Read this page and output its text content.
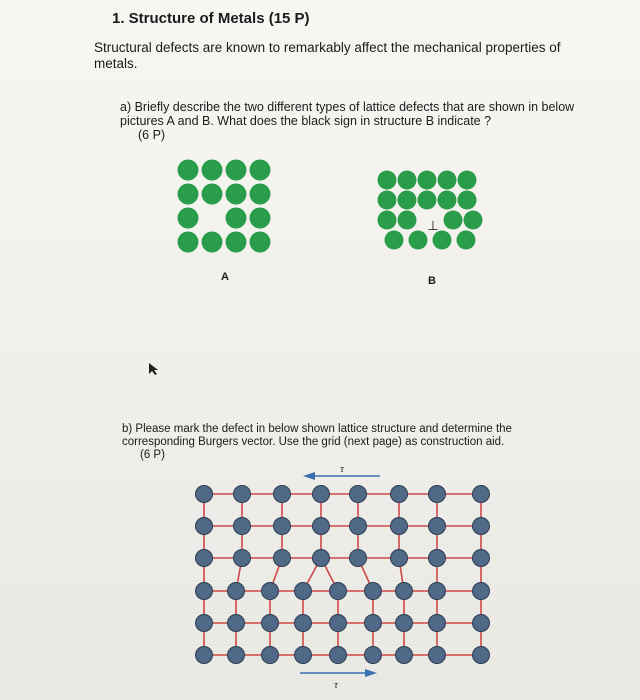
1. Structure of Metals (15 P)
Structural defects are known to remarkably affect the mechanical properties of metals.
a) Briefly describe the two different types of lattice defects that are shown in below pictures A and B. What does the black sign in structure B indicate ?
(6 P)
A
⊥
B
b) Please mark the defect in below shown lattice structure and determine the corresponding Burgers vector. Use the grid (next page) as construction aid.
(6 P)
τ
τ
